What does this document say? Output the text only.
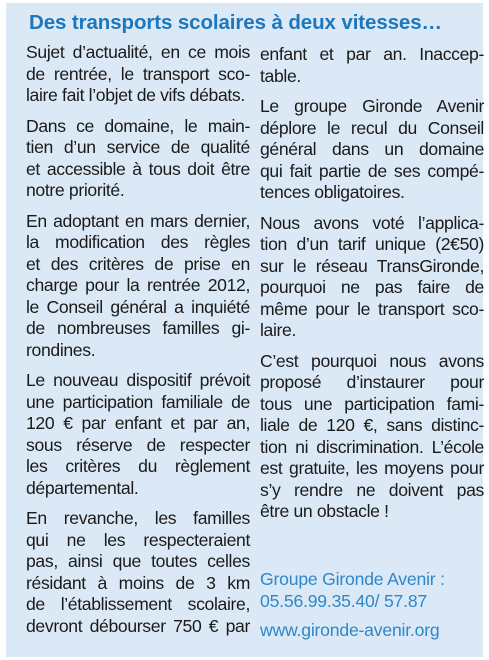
Des transports scolaires à deux vitesses…

Sujet d’actualité, en ce mois
de rentrée, le transport sco-
laire fait l’objet de vifs débats.

Dans ce domaine, le main-
tien d’un service de qualité
et accessible à tous doit être
notre priorité.

En adoptant en mars dernier,
la modification des règles
et des critères de prise en
charge pour la rentrée 2012,
le Conseil général a inquiété
de nombreuses familles gi-
rondines.

Le nouveau dispositif prévoit
une participation familiale de
120 € par enfant et par an,
sous réserve de respecter
les critères du règlement
départemental.

En revanche, les familles
qui ne les respecteraient
pas, ainsi que toutes celles
résidant à moins de 3 km
de l’établissement scolaire,
devront débourser 750 € par

enfant et par an. Inaccep-
table.

Le groupe Gironde Avenir
déplore le recul du Conseil
général dans un domaine
qui fait partie de ses compé-
tences obligatoires.

Nous avons voté l’applica-
tion d’un tarif unique (2€50)
sur le réseau TransGironde,
pourquoi ne pas faire de
même pour le transport sco-
laire.

C’est pourquoi nous avons
proposé d’instaurer pour
tous une participation fami-
liale de 120 €, sans distinc-
tion ni discrimination. L’école
est gratuite, les moyens pour
s’y rendre ne doivent pas
être un obstacle !

Groupe Gironde Avenir :
05.56.99.35.40/ 57.87
www.gironde-avenir.org
